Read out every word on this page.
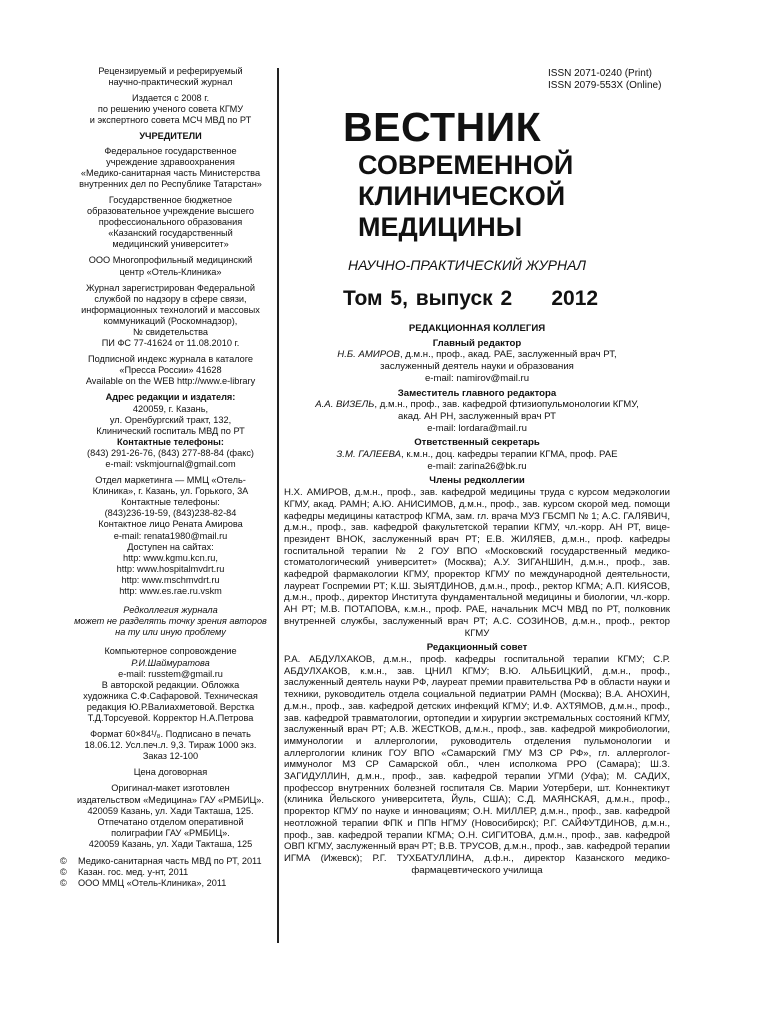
Рецензируемый и реферируемый
научно-практический журнал

Издается с 2008 г.
по решению ученого совета КГМУ
и экспертного совета МСЧ МВД по РТ

УЧРЕДИТЕЛИ

Федеральное государственное
учреждение здравоохранения
«Медико-санитарная часть Министерства
внутренних дел по Республике Татарстан»

Государственное бюджетное
образовательное учреждение высшего
профессионального образования
«Казанский государственный
медицинский университет»

ООО Многопрофильный медицинский
центр «Отель-Клиника»

Журнал зарегистрирован Федеральной
службой по надзору в сфере связи,
информационных технологий и массовых
коммуникаций (Роскомнадзор),
№ свидетельства
ПИ ФС 77-41624 от 11.08.2010 г.

Подписной индекс журнала в каталоге
«Пресса России» 41628
Available on the WEB http://www.e-library

Адрес редакции и издателя:
420059, г. Казань,
ул. Оренбургский тракт, 132,
Клинический госпиталь МВД по РТ
Контактные телефоны:
(843) 291-26-76, (843) 277-88-84 (факс)
e-mail: vskmjournal@gmail.com

Отдел маркетинга — ММЦ «Отель-
Клиника», г. Казань, ул. Горького, 3А
Контактные телефоны:
(843)236-19-59, (843)238-82-84
Контактное лицо Рената Амирова
e-mail: renata1980@mail.ru
Доступен на сайтах:
http: www.kgmu.kcn.ru,
http: www.hospitalmvdrt.ru
http: www.mschmvdrt.ru
http: www.es.rae.ru.vskm

Редколлегия журнала
может не разделять точку зрения авторов
на ту или иную проблему

Компьютерное сопровождение
Р.И.Шаймуратова
e-mail: russtem@gmail.ru
В авторской редакции. Обложка
художника С.Ф.Сафаровой. Техническая
редакция Ю.Р.Валиахметовой. Верстка
Т.Д.Торсуевой. Корректор Н.А.Петрова

Формат 60×84¹/₈. Подписано в печать
18.06.12. Усл.печ.л. 9,3. Тираж 1000 экз.
Заказ 12-100

Цена договорная

Оригинал-макет изготовлен
издательством «Медицина» ГАУ «РМБИЦ».
420059 Казань, ул. Хади Такташа, 125.
Отпечатано отделом оперативной
полиграфии ГАУ «РМБИЦ».
420059 Казань, ул. Хади Такташа, 125

© Медико-санитарная часть МВД по РТ, 2011
© Казан. гос. мед. у-нт, 2011
© ООО ММЦ «Отель-Клиника», 2011
ISSN 2071-0240 (Print)
ISSN 2079-553X (Online)
ВЕСТНИК
СОВРЕМЕННОЙ
КЛИНИЧЕСКОЙ
МЕДИЦИНЫ
НАУЧНО-ПРАКТИЧЕСКИЙ ЖУРНАЛ
Том 5, выпуск 2 2012
РЕДАКЦИОННАЯ КОЛЛЕГИЯ
Главный редактор
Н.Б. АМИРОВ, д.м.н., проф., акад. РАЕ, заслуженный врач РТ,
заслуженный деятель науки и образования
e-mail: namirov@mail.ru
Заместитель главного редактора
А.А. ВИЗЕЛЬ, д.м.н., проф., зав. кафедрой фтизиопульмонологии КГМУ,
акад. АН РН, заслуженный врач РТ
e-mail: lordara@mail.ru
Ответственный секретарь
З.М. ГАЛЕЕВА, к.м.н., доц. кафедры терапии КГМА, проф. РАЕ
e-mail: zarina26@bk.ru
Члены редколлегии
Н.Х. АМИРОВ, д.м.н., проф., зав. кафедрой медицины труда с курсом медэкологии КГМУ, акад. РАМН; А.Ю. АНИСИМОВ, д.м.н., проф., зав. курсом скорой мед. помощи кафедры медицины катастроф КГМА, зам. гл. врача МУЗ ГБСМП № 1; А.С. ГАЛЯВИЧ, д.м.н., проф., зав. кафедрой факультетской терапии КГМУ, чл.-корр. АН РТ, вице-президент ВНОК, заслуженный врач РТ; Е.В. ЖИЛЯЕВ, д.м.н., проф. кафедры госпитальной терапии № 2 ГОУ ВПО «Московский государственный медико-стоматологический университет» (Москва); А.У. ЗИГАНШИН, д.м.н., проф., зав. кафедрой фармакологии КГМУ, проректор КГМУ по международной деятельности, лауреат Госпремии РТ; К.Ш. ЗЫЯТДИНОВ, д.м.н., проф., ректор КГМА; А.П. КИЯСОВ, д.м.н., проф., директор Института фундаментальной медицины и биологии, чл.-корр. АН РТ; М.В. ПОТАПОВА, к.м.н., проф. РАЕ, начальник МСЧ МВД по РТ, полковник внутренней службы, заслуженный врач РТ; А.С. СОЗИНОВ, д.м.н., проф., ректор КГМУ
Редакционный совет
Р.А. АБДУЛХАКОВ, д.м.н., проф. кафедры госпитальной терапии КГМУ; С.Р. АБДУЛХАКОВ, к.м.н., зав. ЦНИЛ КГМУ; В.Ю. АЛЬБИЦКИЙ, д.м.н., проф., заслуженный деятель науки РФ, лауреат премии правительства РФ в области науки и техники, руководитель отдела социальной педиатрии РАМН (Москва); В.А. АНОХИН, д.м.н., проф., зав. кафедрой детских инфекций КГМУ; И.Ф. АХТЯМОВ, д.м.н., проф., зав. кафедрой травматологии, ортопедии и хирургии экстремальных состояний КГМУ, заслуженный врач РТ; А.В. ЖЕСТКОВ, д.м.н., проф., зав. кафедрой микробиологии, иммунологии и аллергологии, руководитель отделения пульмонологии и аллергологии клиник ГОУ ВПО «Самарский ГМУ МЗ СР РФ», гл. аллерголог-иммунолог МЗ СР Самарской обл., член исполкома РРО (Самара); Ш.З. ЗАГИДУЛЛИН, д.м.н., проф., зав. кафедрой терапии УГМИ (Уфа); М. САДИХ, профессор внутренних болезней госпиталя Св. Марии Уотербери, шт. Коннектикут (клиника Йельского университета, Йуль, США); С.Д. МАЯНСКАЯ, д.м.н., проф., проректор КГМУ по науке и инновациям; О.Н. МИЛЛЕР, д.м.н., проф., зав. кафедрой неотложной терапии ФПК и ППв НГМУ (Новосибирск); Р.Г. САЙФУТДИНОВ, д.м.н., проф., зав. кафедрой терапии КГМА; О.Н. СИГИТОВА, д.м.н., проф., зав. кафедрой ОВП КГМУ, заслуженный врач РТ; В.В. ТРУСОВ, д.м.н., проф., зав. кафедрой терапии ИГМА (Ижевск); Р.Г. ТУХБАТУЛЛИНА, д.ф.н., директор Казанского медико-фармацевтического училища
